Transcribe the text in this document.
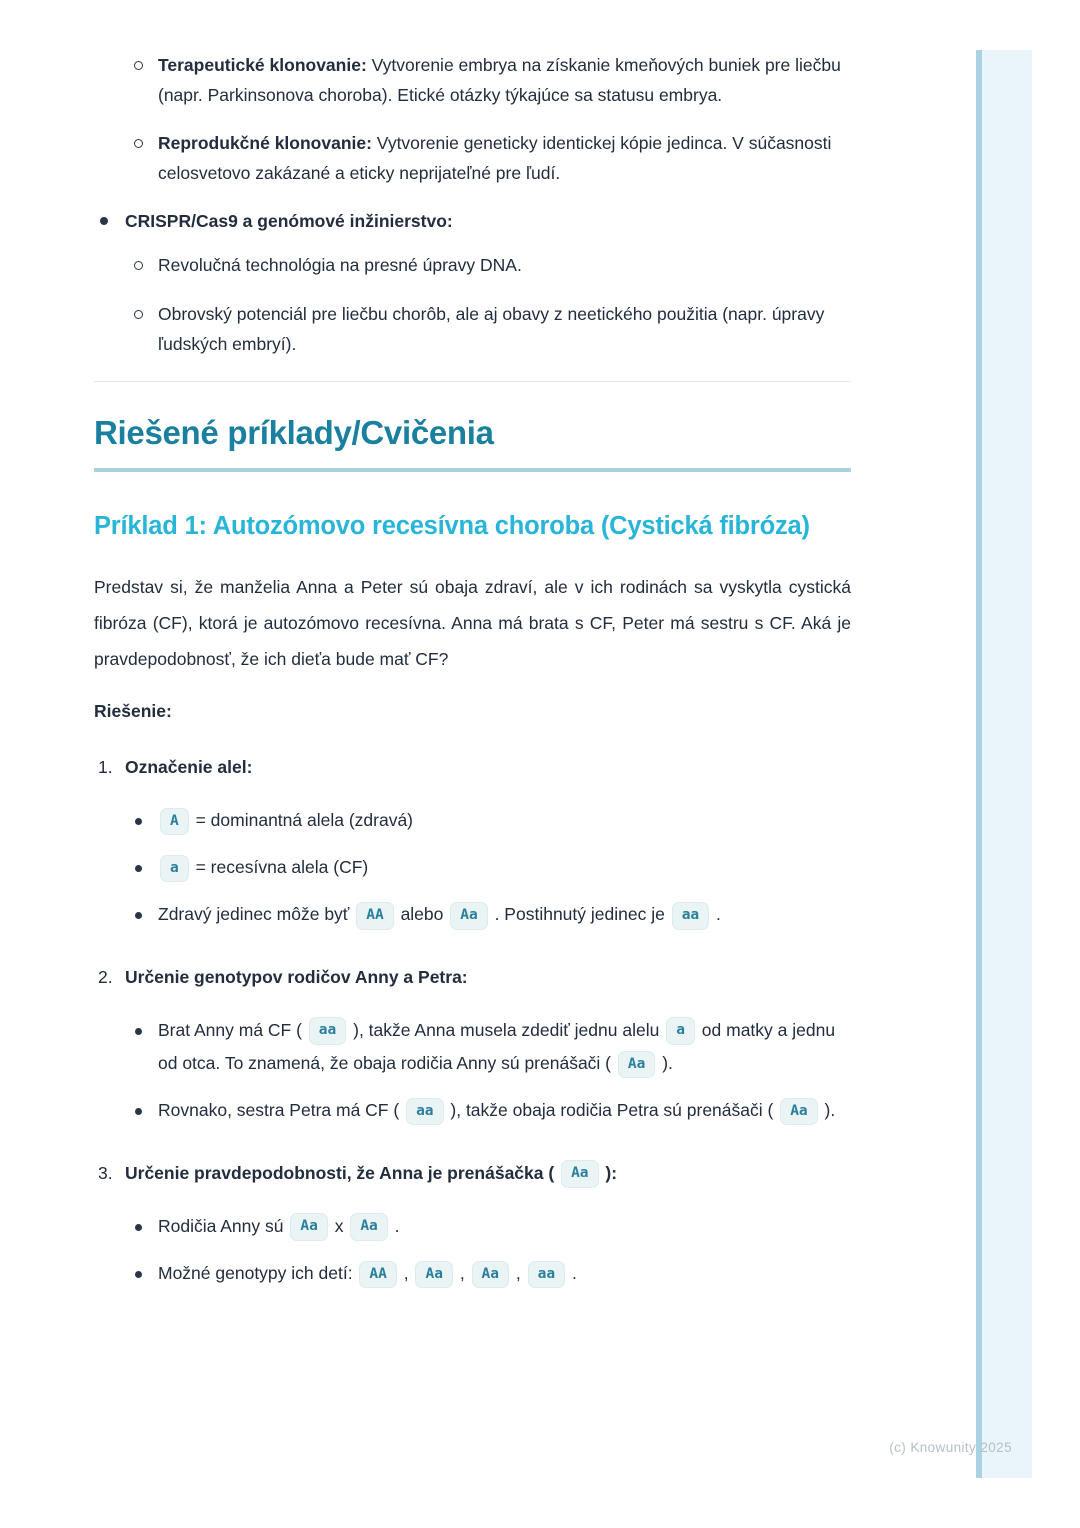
Terapeutické klonovanie: Vytvorenie embrya na získanie kmeňových buniek pre liečbu (napr. Parkinsonova choroba). Etické otázky týkajúce sa statusu embrya.
Reprodukčné klonovanie: Vytvorenie geneticky identickej kópie jedinca. V súčasnosti celosvetovo zakázané a eticky neprijateľné pre ľudí.
CRISPR/Cas9 a genómové inžinierstvo:
Revolučná technológia na presné úpravy DNA.
Obrovský potenciál pre liečbu chorôb, ale aj obavy z neetického použitia (napr. úpravy ľudských embryí).
Riešené príklady/Cvičenia
Príklad 1: Autozómovo recesívna choroba (Cystická fibróza)

Predstav si, že manželia Anna a Peter sú obaja zdraví, ale v ich rodinách sa vyskytla cystická fibróza (CF), ktorá je autozómovo recesívna. Anna má brata s CF, Peter má sestru s CF. Aká je pravdepodobnosť, že ich dieťa bude mať CF?

Riešenie:

1. Označenie alel:
A = dominantná alela (zdravá)
a = recesívna alela (CF)
Zdravý jedinec môže byť AA alebo Aa . Postihnutý jedinec je aa .
2. Určenie genotypov rodičov Anny a Petra:
Brat Anny má CF ( aa ), takže Anna musela zdediť jednu alelu a od matky a jednu od otca. To znamená, že obaja rodičia Anny sú prenášači ( Aa ).
Rovnako, sestra Petra má CF ( aa ), takže obaja rodičia Petra sú prenášači ( Aa ).
3. Určenie pravdepodobnosti, že Anna je prenášačka ( Aa ):
Rodičia Anny sú Aa x Aa .
Možné genotypy ich detí: AA , Aa , Aa , aa .
(c) Knowunity 2025
